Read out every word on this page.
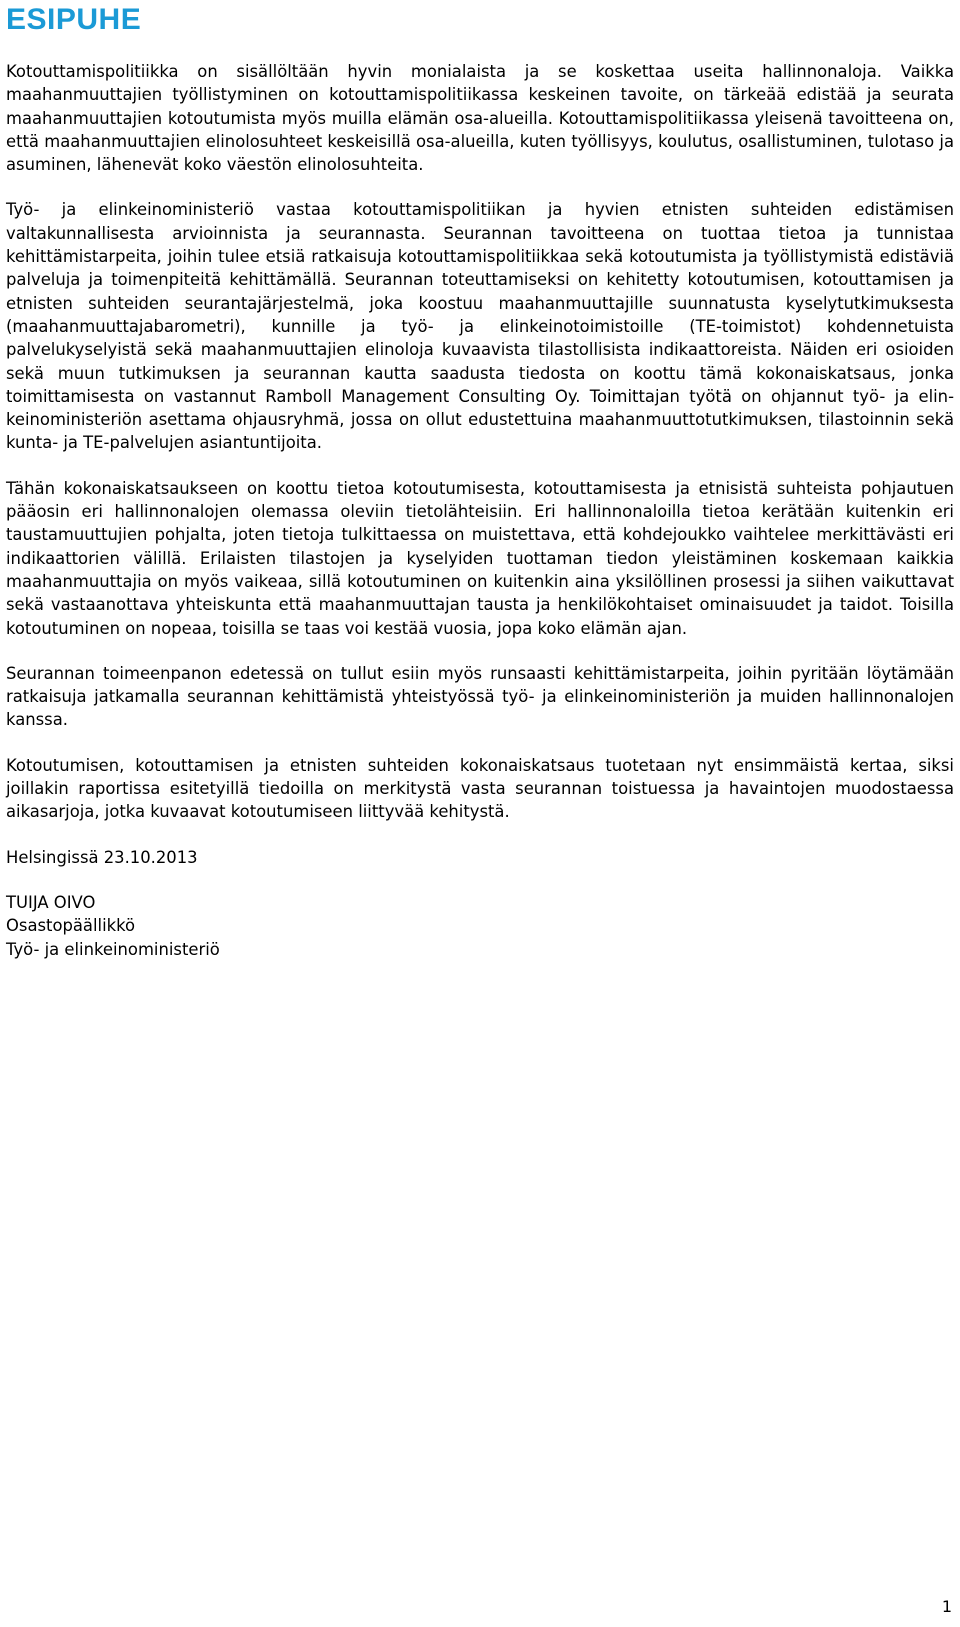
ESIPUHE

Kotouttamispolitiikka on sisällöltään hyvin monialaista ja se koskettaa useita hallinnonaloja. Vaikka maahanmuuttajien työllistyminen on kotouttamispolitiikassa keskeinen tavoite, on tärkeää edistää ja seurata maahanmuuttajien kotoutumista myös muilla elämän osa-alueilla. Kotouttamispolitiikassa yleisenä tavoitteena on, että maahanmuuttajien elinolosuhteet keskeisillä osa-alueilla, kuten työllisyys, koulutus, osallistuminen, tulotaso ja asuminen, lähenevät koko väestön elinolosuhteita.

Työ- ja elinkeinoministeriö vastaa kotouttamispolitiikan ja hyvien etnisten suhteiden edistämisen valtakunnallisesta arvioinnista ja seurannasta. Seurannan tavoitteena on tuottaa tietoa ja tunnistaa kehittämistarpeita, joihin tulee etsiä ratkaisuja kotouttamispolitiikkaa sekä kotoutumista ja työllistymistä edistäviä palveluja ja toimenpiteitä kehittämällä. Seurannan toteuttamiseksi on kehitetty kotoutumisen, kotouttamisen ja etnisten suhteiden seurantajärjestelmä, joka koostuu maahanmuuttajille suunnatusta kyselytutkimuksesta (maahanmuuttajabarometri), kunnille ja työ- ja elinkeinotoimistoille (TE-toimistot) kohdennetuista palvelukyselyistä sekä maahanmuuttajien elinoloja kuvaavista tilastollisista indikaattoreista. Näiden eri osioiden sekä muun tutkimuksen ja seurannan kautta saadusta tiedosta on koottu tämä kokonaiskatsaus, jonka toimittamisesta on vastannut Ramboll Management Consulting Oy. Toimittajan työtä on ohjannut työ- ja elinkeinoministeriön asettama ohjausryhmä, jossa on ollut edustettuina maahanmuuttotutkimuksen, tilastoinnin sekä kunta- ja TE-palvelujen asiantuntijoita.

Tähän kokonaiskatsaukseen on koottu tietoa kotoutumisesta, kotouttamisesta ja etnisistä suhteista pohjautuen pääosin eri hallinnonalojen olemassa oleviin tietolähteisiin. Eri hallinnonaloilla tietoa kerätään kuitenkin eri taustamuuttujien pohjalta, joten tietoja tulkittaessa on muistettava, että kohdejoukko vaihtelee merkittävästi eri indikaattorien välillä. Erilaisten tilastojen ja kyselyiden tuottaman tiedon yleistäminen koskemaan kaikkia maahanmuuttajia on myös vaikeaa, sillä kotoutuminen on kuitenkin aina yksilöllinen prosessi ja siihen vaikuttavat sekä vastaanottava yhteiskunta että maahanmuuttajan tausta ja henkilökohtaiset ominaisuudet ja taidot. Toisilla kotoutuminen on nopeaa, toisilla se taas voi kestää vuosia, jopa koko elämän ajan.

Seurannan toimeenpanon edetessä on tullut esiin myös runsaasti kehittämistarpeita, joihin pyritään löytämään ratkaisuja jatkamalla seurannan kehittämistä yhteistyössä työ- ja elinkeinoministeriön ja muiden hallinnonalojen kanssa.

Kotoutumisen, kotouttamisen ja etnisten suhteiden kokonaiskatsaus tuotetaan nyt ensimmäistä kertaa, siksi joillakin raportissa esitetyillä tiedoilla on merkitystä vasta seurannan toistuessa ja havaintojen muodostaessa aikasarjoja, jotka kuvaavat kotoutumiseen liittyvää kehitystä.

Helsingissä 23.10.2013

TUIJA OIVO
Osastopäällikkö
Työ- ja elinkeinoministeriö
1
